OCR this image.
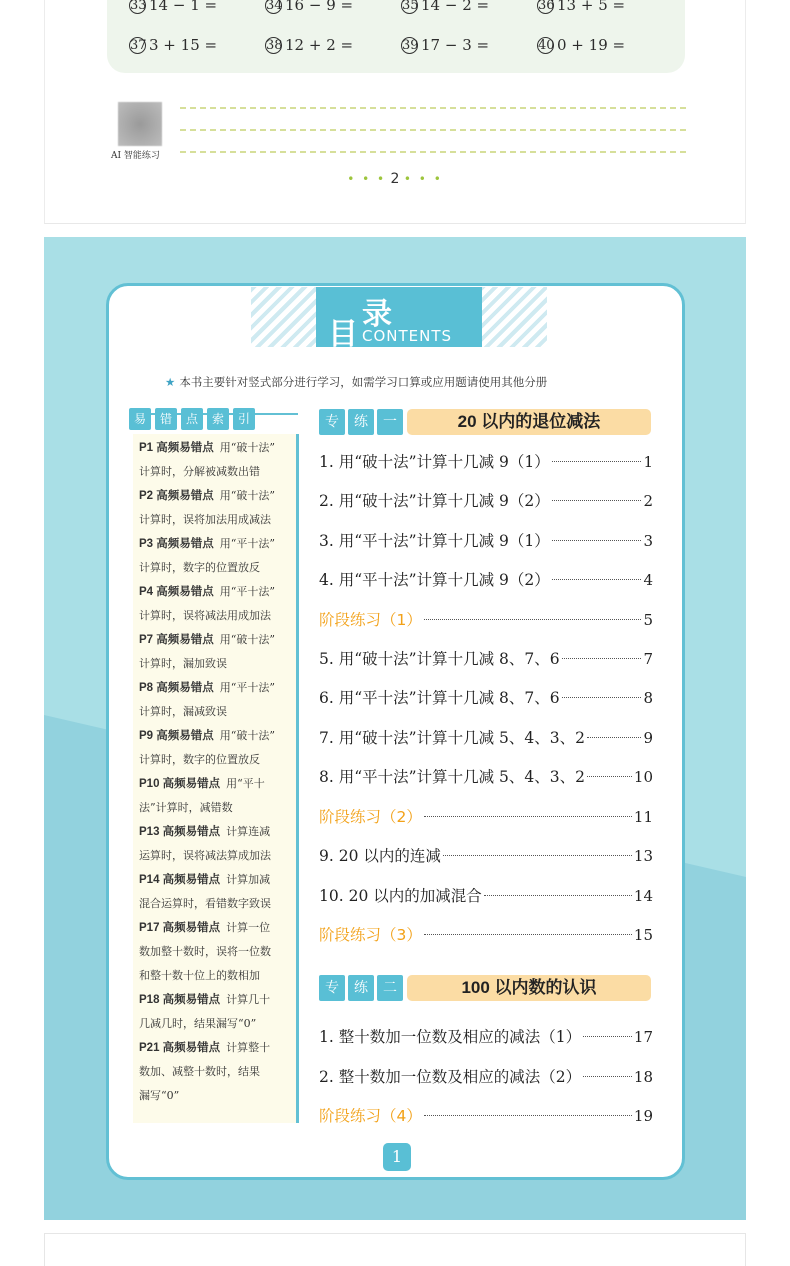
33 14 − 1 =	34 16 − 9 =	35 14 − 2 =	36 13 + 5 =
37 3 + 15 =	38 12 + 2 =	39 17 − 3 =	40 0 + 19 =
AI 智能练习
• • • 2 • • •
目
录
CONTENTS
★ 本书主要针对竖式部分进行学习，如需学习口算或应用题请使用其他分册
易	错	点	索	引
P1 高频易错点 用“破十法”
计算时，分解被减数出错
P2 高频易错点 用“破十法”
计算时，误将加法用成减法
P3 高频易错点 用“平十法”
计算时，数字的位置放反
P4 高频易错点 用“平十法”
计算时，误将减法用成加法
P7 高频易错点 用“破十法”
计算时，漏加致误
P8 高频易错点 用“平十法”
计算时，漏减致误
P9 高频易错点 用“破十法”
计算时，数字的位置放反
P10 高频易错点 用“平十
法”计算时，减错数
P13 高频易错点 计算连减
运算时，误将减法算成加法
P14 高频易错点 计算加减
混合运算时，看错数字致误
P17 高频易错点 计算一位
数加整十数时，误将一位数
和整十数十位上的数相加
P18 高频易错点 计算几十
几减几时，结果漏写“0”
P21 高频易错点 计算整十
数加、减整十数时，结果
漏写“0”
专	练	一	20 以内的退位减法
1. 用“破十法”计算十几减 9（1）	1
2. 用“破十法”计算十几减 9（2）	2
3. 用“平十法”计算十几减 9（1）	3
4. 用“平十法”计算十几减 9（2）	4
阶段练习（1）	5
5. 用“破十法”计算十几减 8、7、6	7
6. 用“平十法”计算十几减 8、7、6	8
7. 用“破十法”计算十几减 5、4、3、2	9
8. 用“平十法”计算十几减 5、4、3、2	10
阶段练习（2）	11
9. 20 以内的连减	13
10. 20 以内的加减混合	14
阶段练习（3）	15
专	练	二	100 以内数的认识
1. 整十数加一位数及相应的减法（1）	17
2. 整十数加一位数及相应的减法（2）	18
阶段练习（4）	19
1
